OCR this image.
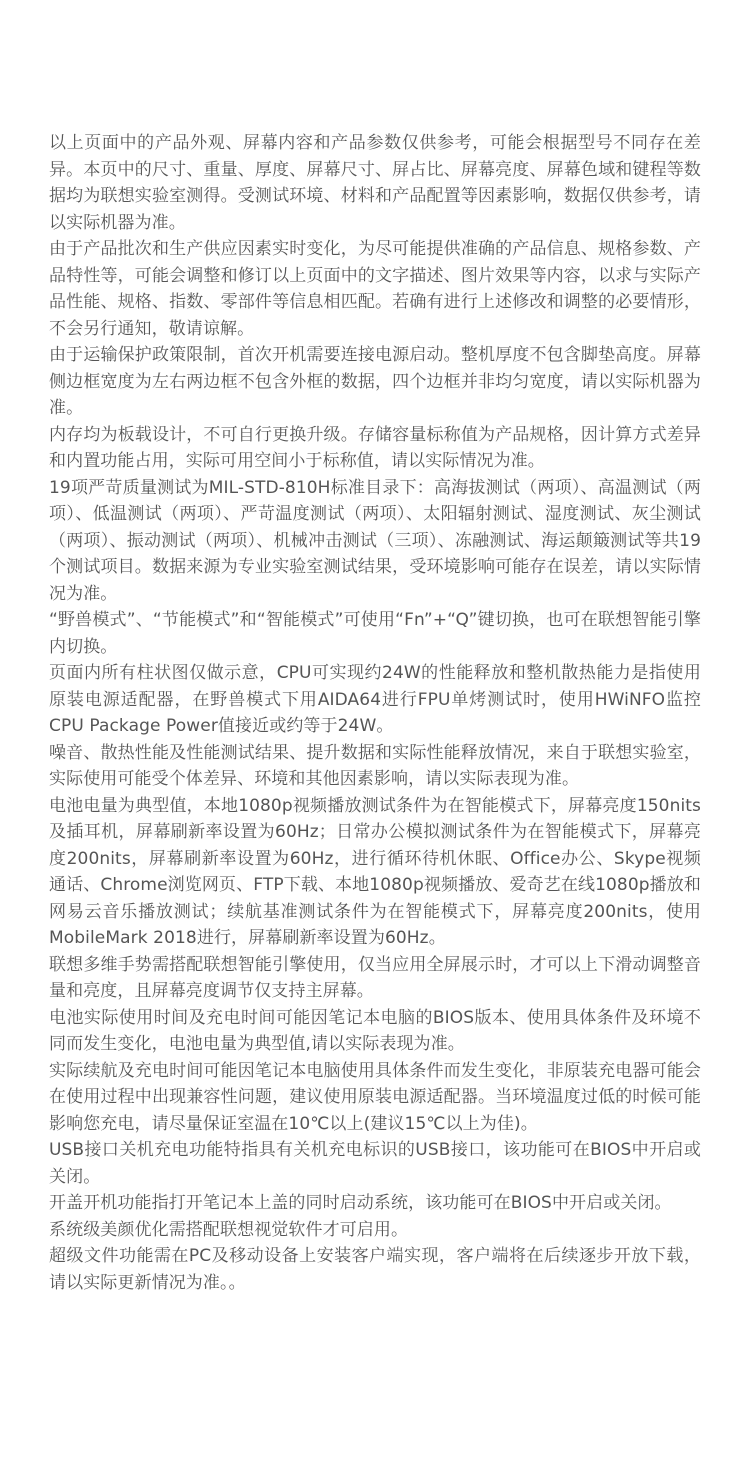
以上页面中的产品外观、屏幕内容和产品参数仅供参考，可能会根据型号不同存在差异。本页中的尺寸、重量、厚度、屏幕尺寸、屏占比、屏幕亮度、屏幕色域和键程等数据均为联想实验室测得。受测试环境、材料和产品配置等因素影响，数据仅供参考，请以实际机器为准。

由于产品批次和生产供应因素实时变化，为尽可能提供准确的产品信息、规格参数、产品特性等，可能会调整和修订以上页面中的文字描述、图片效果等内容，以求与实际产品性能、规格、指数、零部件等信息相匹配。若确有进行上述修改和调整的必要情形，不会另行通知，敬请谅解。

由于运输保护政策限制，首次开机需要连接电源启动。整机厚度不包含脚垫高度。屏幕侧边框宽度为左右两边框不包含外框的数据，四个边框并非均匀宽度，请以实际机器为准。

内存均为板载设计，不可自行更换升级。存储容量标称值为产品规格，因计算方式差异和内置功能占用，实际可用空间小于标称值，请以实际情况为准。

19项严苛质量测试为MIL-STD-810H标准目录下：高海拔测试（两项）、高温测试（两项）、低温测试（两项）、严苛温度测试（两项）、太阳辐射测试、湿度测试、灰尘测试（两项）、振动测试（两项）、机械冲击测试（三项）、冻融测试、海运颠簸测试等共19个测试项目。数据来源为专业实验室测试结果，受环境影响可能存在误差，请以实际情况为准。

“野兽模式”、“节能模式”和“智能模式”可使用“Fn”+“Q”键切换，也可在联想智能引擎内切换。

页面内所有柱状图仅做示意，CPU可实现约24W的性能释放和整机散热能力是指使用原装电源适配器，在野兽模式下用AIDA64进行FPU单烤测试时，使用HWiNFO监控CPU Package Power值接近或约等于24W。

噪音、散热性能及性能测试结果、提升数据和实际性能释放情况，来自于联想实验室，实际使用可能受个体差异、环境和其他因素影响，请以实际表现为准。

电池电量为典型值，本地1080p视频播放测试条件为在智能模式下，屏幕亮度150nits及插耳机，屏幕刷新率设置为60Hz；日常办公模拟测试条件为在智能模式下，屏幕亮度200nits，屏幕刷新率设置为60Hz，进行循环待机休眠、Office办公、Skype视频通话、Chrome浏览网页、FTP下载、本地1080p视频播放、爱奇艺在线1080p播放和网易云音乐播放测试；续航基准测试条件为在智能模式下，屏幕亮度200nits，使用MobileMark 2018进行，屏幕刷新率设置为60Hz。

联想多维手势需搭配联想智能引擎使用，仅当应用全屏展示时，才可以上下滑动调整音量和亮度，且屏幕亮度调节仅支持主屏幕。

电池实际使用时间及充电时间可能因笔记本电脑的BIOS版本、使用具体条件及环境不同而发生变化，电池电量为典型值,请以实际表现为准。

实际续航及充电时间可能因笔记本电脑使用具体条件而发生变化，非原装充电器可能会在使用过程中出现兼容性问题，建议使用原装电源适配器。当环境温度过低的时候可能影响您充电，请尽量保证室温在10℃以上(建议15℃以上为佳)。

USB接口关机充电功能特指具有关机充电标识的USB接口，该功能可在BIOS中开启或关闭。

开盖开机功能指打开笔记本上盖的同时启动系统，该功能可在BIOS中开启或关闭。

系统级美颜优化需搭配联想视觉软件才可启用。

超级文件功能需在PC及移动设备上安装客户端实现，客户端将在后续逐步开放下载，请以实际更新情况为准。。
